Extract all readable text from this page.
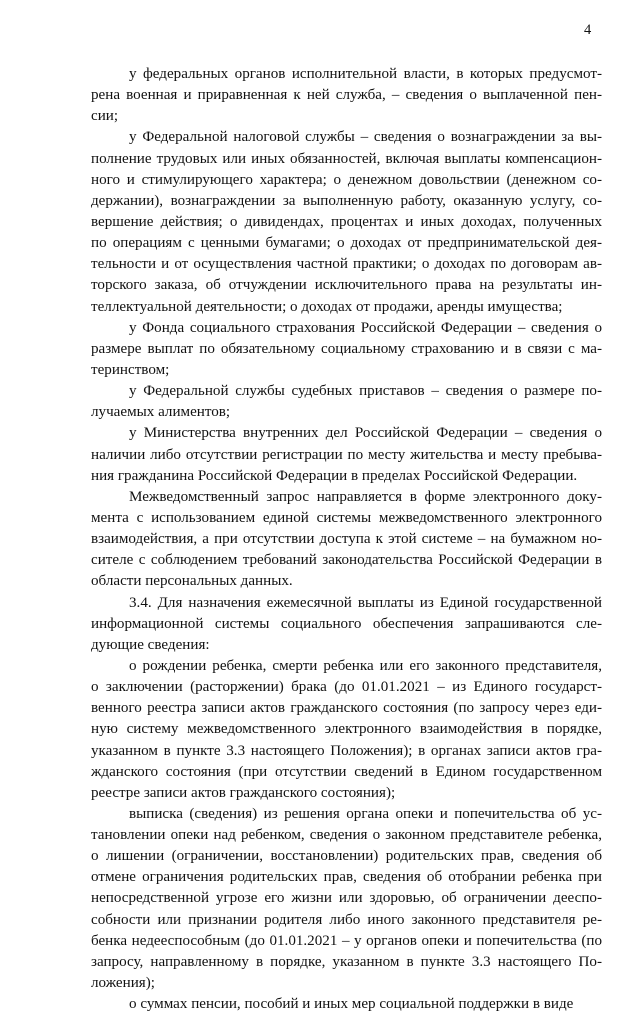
4
у федеральных органов исполнительной власти, в которых предусмот-
рена военная и приравненная к ней служба, – сведения о выплаченной пен-
сии;
у Федеральной налоговой службы – сведения о вознаграждении за вы-
полнение трудовых или иных обязанностей, включая выплаты компенсацион-
ного и стимулирующего характера; о денежном довольствии (денежном со-
держании), вознаграждении за выполненную работу, оказанную услугу, со-
вершение действия; о дивидендах, процентах и иных доходах, полученных
по операциям с ценными бумагами; о доходах от предпринимательской дея-
тельности и от осуществления частной практики; о доходах по договорам ав-
торского заказа, об отчуждении исключительного права на результаты ин-
теллектуальной деятельности; о доходах от продажи, аренды имущества;
у Фонда социального страхования Российской Федерации – сведения о
размере выплат по обязательному социальному страхованию и в связи с ма-
теринством;
у Федеральной службы судебных приставов – сведения о размере по-
лучаемых алиментов;
у Министерства внутренних дел Российской Федерации – сведения о
наличии либо отсутствии регистрации по месту жительства и месту пребыва-
ния гражданина Российской Федерации в пределах Российской Федерации.
Межведомственный запрос направляется в форме электронного доку-
мента с использованием единой системы межведомственного электронного
взаимодействия, а при отсутствии доступа к этой системе – на бумажном но-
сителе с соблюдением требований законодательства Российской Федерации в
области персональных данных.
3.4. Для назначения ежемесячной выплаты из Единой государственной
информационной системы социального обеспечения запрашиваются сле-
дующие сведения:
о рождении ребенка, смерти ребенка или его законного представителя,
о заключении (расторжении) брака (до 01.01.2021 – из Единого государст-
венного реестра записи актов гражданского состояния (по запросу через еди-
ную систему межведомственного электронного взаимодействия в порядке,
указанном в пункте 3.3 настоящего Положения); в органах записи актов гра-
жданского состояния (при отсутствии сведений в Едином государственном
реестре записи актов гражданского состояния);
выписка (сведения) из решения органа опеки и попечительства об ус-
тановлении опеки над ребенком, сведения о законном представителе ребенка,
о лишении (ограничении, восстановлении) родительских прав, сведения об
отмене ограничения родительских прав, сведения об отобрании ребенка при
непосредственной угрозе его жизни или здоровью, об ограничении дееспо-
собности или признании родителя либо иного законного представителя ре-
бенка недееспособным (до 01.01.2021 – у органов опеки и попечительства (по
запросу, направленному в порядке, указанном в пункте 3.3 настоящего По-
ложения);
о суммах пенсии, пособий и иных мер социальной поддержки в виде
